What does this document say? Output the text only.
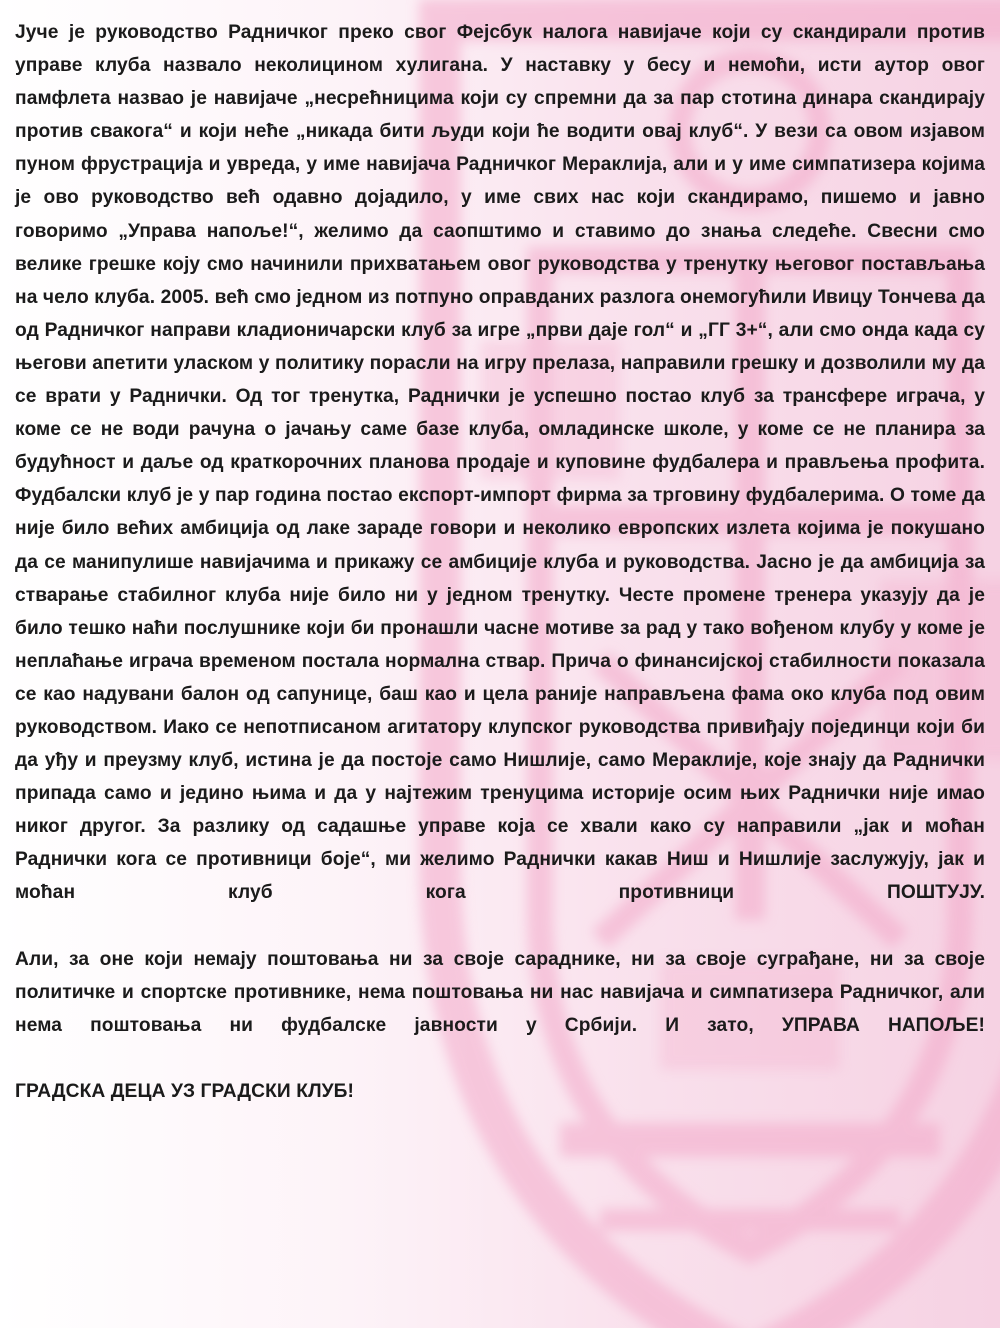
Јуче је руководство Радничког преко свог Фејсбук налога навијаче који су скандирали против управе клуба назвало неколицином хулигана. У наставку у бесу и немоћи, исти аутор овог памфлета назвао је навијаче „несрећницима који су спремни да за пар стотина динара скандирају против свакога“ и који неће „никада бити људи који ће водити овај клуб“. У вези са овом изјавом пуном фрустрација и увреда, у име навијача Радничког Мераклија, али и у име симпатизера којима је ово руководство већ одавно дојадило, у име свих нас који скандирамо, пишемо и јавно говоримо „Управа напоље!“, желимо да саопштимо и ставимо до знања следеће. Свесни смо велике грешке коју смо начинили прихватањем овог руководства у тренутку његовог постављања на чело клуба. 2005. већ смо једном из потпуно оправданих разлога онемогућили Ивицу Тончева да од Радничког направи кладионичарски клуб за игре „први даје гол“ и „ГГ 3+“, али смо онда када су његови апетити уласком у политику порасли на игру прелаза, направили грешку и дозволили му да се врати у Раднички. Од тог тренутка, Раднички је успешно постао клуб за трансфере играча, у коме се не води рачуна о јачању саме базе клуба, омладинске школе, у коме се не планира за будућност и даље од краткорочних планова продаје и куповине фудбалера и прављења профита. Фудбалски клуб је у пар година постао експорт-импорт фирма за трговину фудбалерима. О томе да није било већих амбиција од лаке зараде говори и неколико европских излета којима је покушано да се манипулише навијачима и прикажу се амбиције клуба и руководства. Јасно је да амбиција за стварање стабилног клуба није било ни у једном тренутку. Честе промене тренера указују да је било тешко наћи послушнике који би пронашли часне мотиве за рад у тако вођеном клубу у коме је неплаћање играча временом постала нормална ствар. Прича о финансијској стабилности показала се као надувани балон од сапунице, баш као и цела раније направљена фама око клуба под овим руководством. Иако се непотписаном агитатору клупског руководства привиђају појединци који би да уђу и преузму клуб, истина је да постоје само Нишлије, само Мераклије, које знају да Раднички припада само и једино њима и да у најтежим тренуцима историје осим њих Раднички није имао никог другог. За разлику од садашње управе која се хвали како су направили „јак и моћан Раднички кога се противници боје“, ми желимо Раднички какав Ниш и Нишлије заслужују, јак и моћан клуб кога противници ПОШТУЈУ.

Али, за оне који немају поштовања ни за своје сараднике, ни за своје суграђане, ни за своје политичке и спортске противнике, нема поштовања ни нас навијача и симпатизера Радничког, али нема поштовања ни фудбалске јавности у Србији. И зато, УПРАВА НАПОЉЕ!

ГРАДСКА ДЕЦА УЗ ГРАДСКИ КЛУБ!
